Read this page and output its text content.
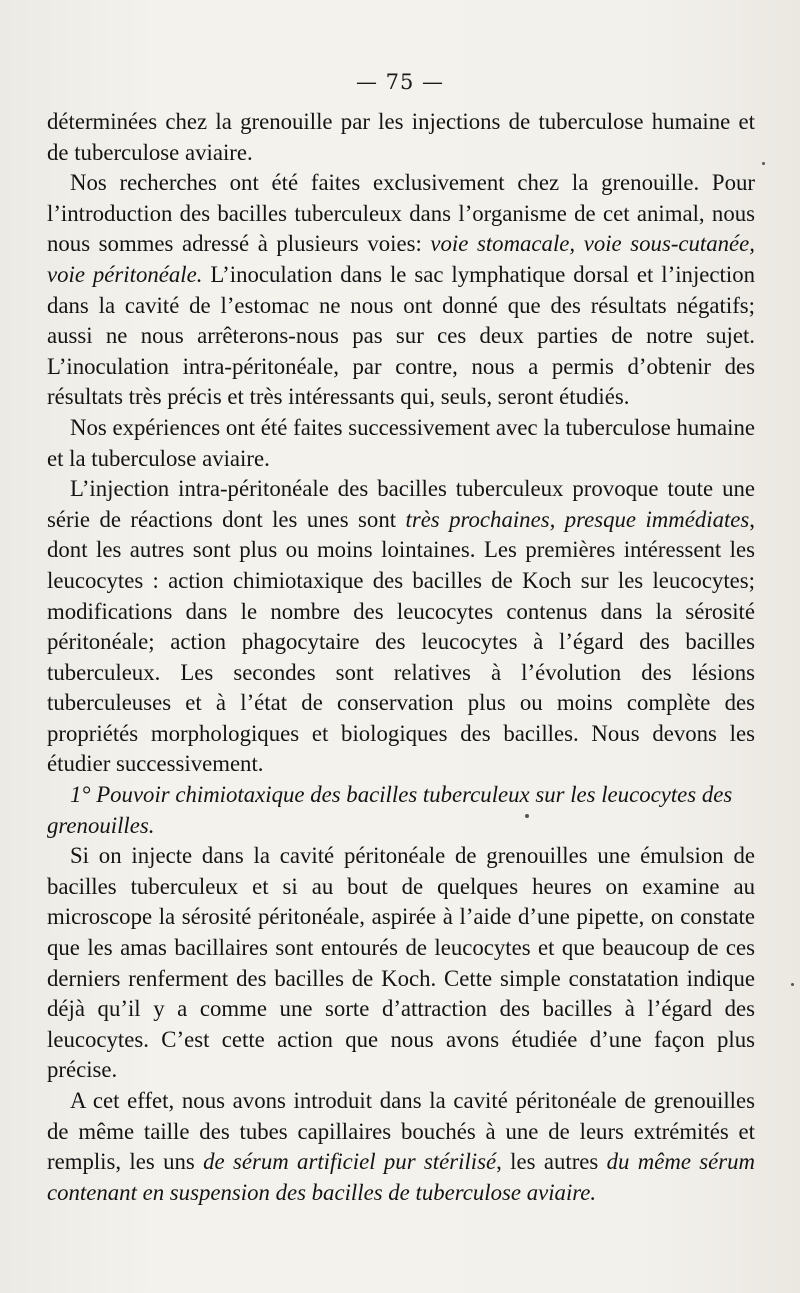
— 75 —

déterminées chez la grenouille par les injections de tuberculose humaine et de tuberculose aviaire.

Nos recherches ont été faites exclusivement chez la grenouille. Pour l’introduction des bacilles tuberculeux dans l’organisme de cet animal, nous nous sommes adressé à plusieurs voies: voie stomacale, voie sous-cutanée, voie péritonéale. L’inoculation dans le sac lymphatique dorsal et l’injection dans la cavité de l’estomac ne nous ont donné que des résultats négatifs; aussi ne nous arrêterons-nous pas sur ces deux parties de notre sujet. L’inoculation intra-péritonéale, par contre, nous a permis d’obtenir des résultats très précis et très intéressants qui, seuls, seront étudiés.

Nos expériences ont été faites successivement avec la tuberculose humaine et la tuberculose aviaire.

L’injection intra-péritonéale des bacilles tuberculeux provoque toute une série de réactions dont les unes sont très prochaines, presque immédiates, dont les autres sont plus ou moins lointaines. Les premières intéressent les leucocytes : action chimiotaxique des bacilles de Koch sur les leucocytes; modifications dans le nombre des leucocytes contenus dans la sérosité péritonéale; action phagocytaire des leucocytes à l’égard des bacilles tuberculeux. Les secondes sont relatives à l’évolution des lésions tuberculeuses et à l’état de conservation plus ou moins complète des propriétés morphologiques et biologiques des bacilles. Nous devons les étudier successivement.

1° Pouvoir chimiotaxique des bacilles tuberculeux sur les leucocytes des grenouilles.

Si on injecte dans la cavité péritonéale de grenouilles une émulsion de bacilles tuberculeux et si au bout de quelques heures on examine au microscope la sérosité péritonéale, aspirée à l’aide d’une pipette, on constate que les amas bacillaires sont entourés de leucocytes et que beaucoup de ces derniers renferment des bacilles de Koch. Cette simple constatation indique déjà qu’il y a comme une sorte d’attraction des bacilles à l’égard des leucocytes. C’est cette action que nous avons étudiée d’une façon plus précise.

A cet effet, nous avons introduit dans la cavité péritonéale de grenouilles de même taille des tubes capillaires bouchés à une de leurs extrémités et remplis, les uns de sérum artificiel pur stérilisé, les autres du même sérum contenant en suspension des bacilles de tuberculose aviaire.
